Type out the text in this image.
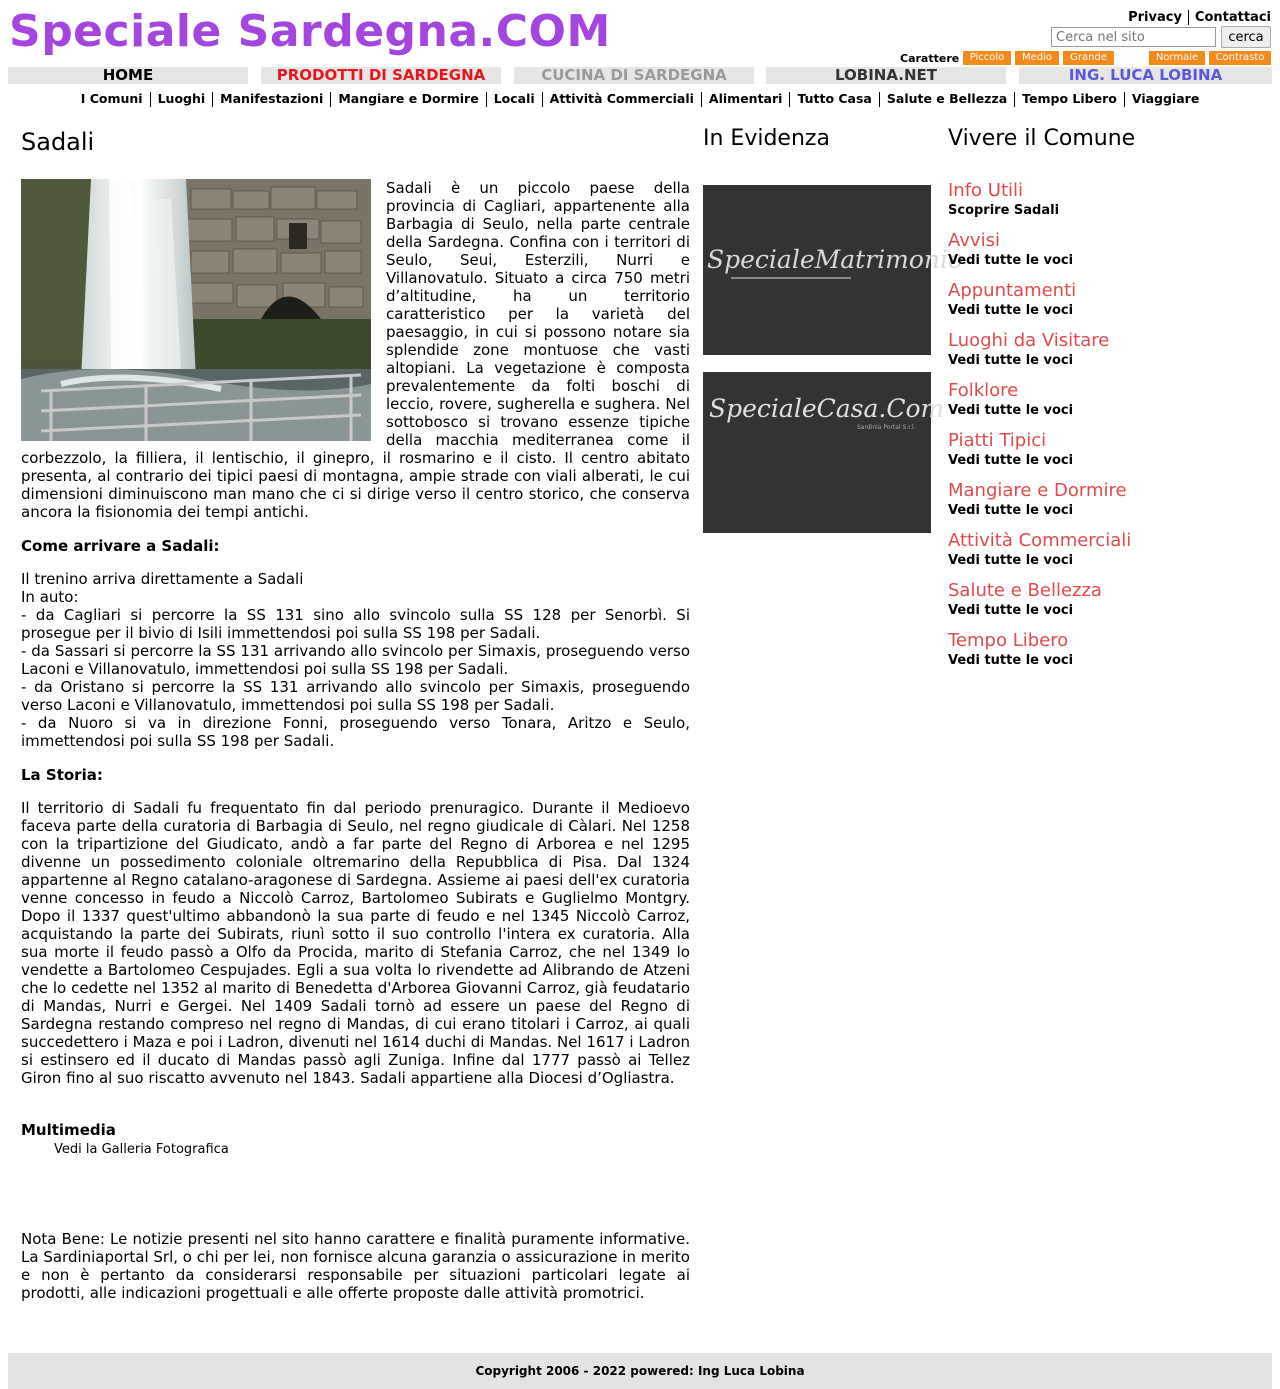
Speciale Sardegna.COM	Privacy Contattaci
Cerca nel sito
cerca
Carattere	Piccolo	Medio	Grande	Normale	Contrasto
HOME	PRODOTTI DI SARDEGNA	CUCINA DI SARDEGNA	LOBINA.NET	ING. LUCA LOBINA
I Comuni Luoghi Manifestazioni Mangiare e Dormire Locali Attività Commerciali Alimentari Tutto Casa Salute e Bellezza Tempo Libero Viaggiare
Sadali

Sadali è un piccolo paese della provincia di Cagliari, appartenente alla Barbagia di Seulo, nella parte centrale della Sardegna. Confina con i territori di Seulo, Seui, Esterzili, Nurri e Villanovatulo. Situato a circa 750 metri d’altitudine, ha un territorio caratteristico per la varietà del paesaggio, in cui si possono notare sia splendide zone montuose che vasti altopiani. La vegetazione è composta prevalentemente da folti boschi di leccio, rovere, sugherella e sughera. Nel sottobosco si trovano essenze tipiche della macchia mediterranea come il corbezzolo, la filliera, il lentischio, il ginepro, il rosmarino e il cisto. Il centro abitato presenta, al contrario dei tipici paesi di montagna, ampie strade con viali alberati, le cui dimensioni diminuiscono man mano che ci si dirige verso il centro storico, che conserva ancora la fisionomia dei tempi antichi.

Come arrivare a Sadali:
Il trenino arriva direttamente a Sadali
In auto:
- da Cagliari si percorre la SS 131 sino allo svincolo sulla SS 128 per Senorbì. Si prosegue per il bivio di Isili immettendosi poi sulla SS 198 per Sadali.
- da Sassari si percorre la SS 131 arrivando allo svincolo per Simaxis, proseguendo verso Laconi e Villanovatulo, immettendosi poi sulla SS 198 per Sadali.
- da Oristano si percorre la SS 131 arrivando allo svincolo per Simaxis, proseguendo verso Laconi e Villanovatulo, immettendosi poi sulla SS 198 per Sadali.
- da Nuoro si va in direzione Fonni, proseguendo verso Tonara, Aritzo e Seulo, immettendosi poi sulla SS 198 per Sadali.
La Storia:

Il territorio di Sadali fu frequentato fin dal periodo prenuragico. Durante il Medioevo faceva parte della curatoria di Barbagia di Seulo, nel regno giudicale di Càlari. Nel 1258 con la tripartizione del Giudicato, andò a far parte del Regno di Arborea e nel 1295 divenne un possedimento coloniale oltremarino della Repubblica di Pisa. Dal 1324 appartenne al Regno catalano-aragonese di Sardegna. Assieme ai paesi dell'ex curatoria venne concesso in feudo a Niccolò Carroz, Bartolomeo Subirats e Guglielmo Montgry. Dopo il 1337 quest'ultimo abbandonò la sua parte di feudo e nel 1345 Niccolò Carroz, acquistando la parte dei Subirats, riunì sotto il suo controllo l'intera ex curatoria. Alla sua morte il feudo passò a Olfo da Procida, marito di Stefania Carroz, che nel 1349 lo vendette a Bartolomeo Cespujades. Egli a sua volta lo rivendette ad Alibrando de Atzeni che lo cedette nel 1352 al marito di Benedetta d'Arborea Giovanni Carroz, già feudatario di Mandas, Nurri e Gergei. Nel 1409 Sadali tornò ad essere un paese del Regno di Sardegna restando compreso nel regno di Mandas, di cui erano titolari i Carroz, ai quali succedettero i Maza e poi i Ladron, divenuti nel 1614 duchi di Mandas. Nel 1617 i Ladron si estinsero ed il ducato di Mandas passò agli Zuniga. Infine dal 1777 passò ai Tellez Giron fino al suo riscatto avvenuto nel 1843. Sadali appartiene alla Diocesi d’Ogliastra.

Multimedia
Vedi la Galleria Fotografica

Nota Bene: Le notizie presenti nel sito hanno carattere e finalità puramente informative. La Sardiniaportal Srl, o chi per lei, non fornisce alcuna garanzia o assicurazione in merito e non è pertanto da considerarsi responsabile per situazioni particolari legate ai prodotti, alle indicazioni progettuali e alle offerte proposte dalle attività promotrici.

In Evidenza
SpecialeMatrimonio
SpecialeCasa.Com
Sardinia Portal S.r.l.
Vivere il Comune
Info Utili
Scoprire Sadali
Avvisi
Vedi tutte le voci
Appuntamenti
Vedi tutte le voci
Luoghi da Visitare
Vedi tutte le voci
Folklore
Vedi tutte le voci
Piatti Tipici
Vedi tutte le voci
Mangiare e Dormire
Vedi tutte le voci
Attività Commerciali
Vedi tutte le voci
Salute e Bellezza
Vedi tutte le voci
Tempo Libero
Vedi tutte le voci
Copyright 2006 - 2022 powered: Ing Luca Lobina
